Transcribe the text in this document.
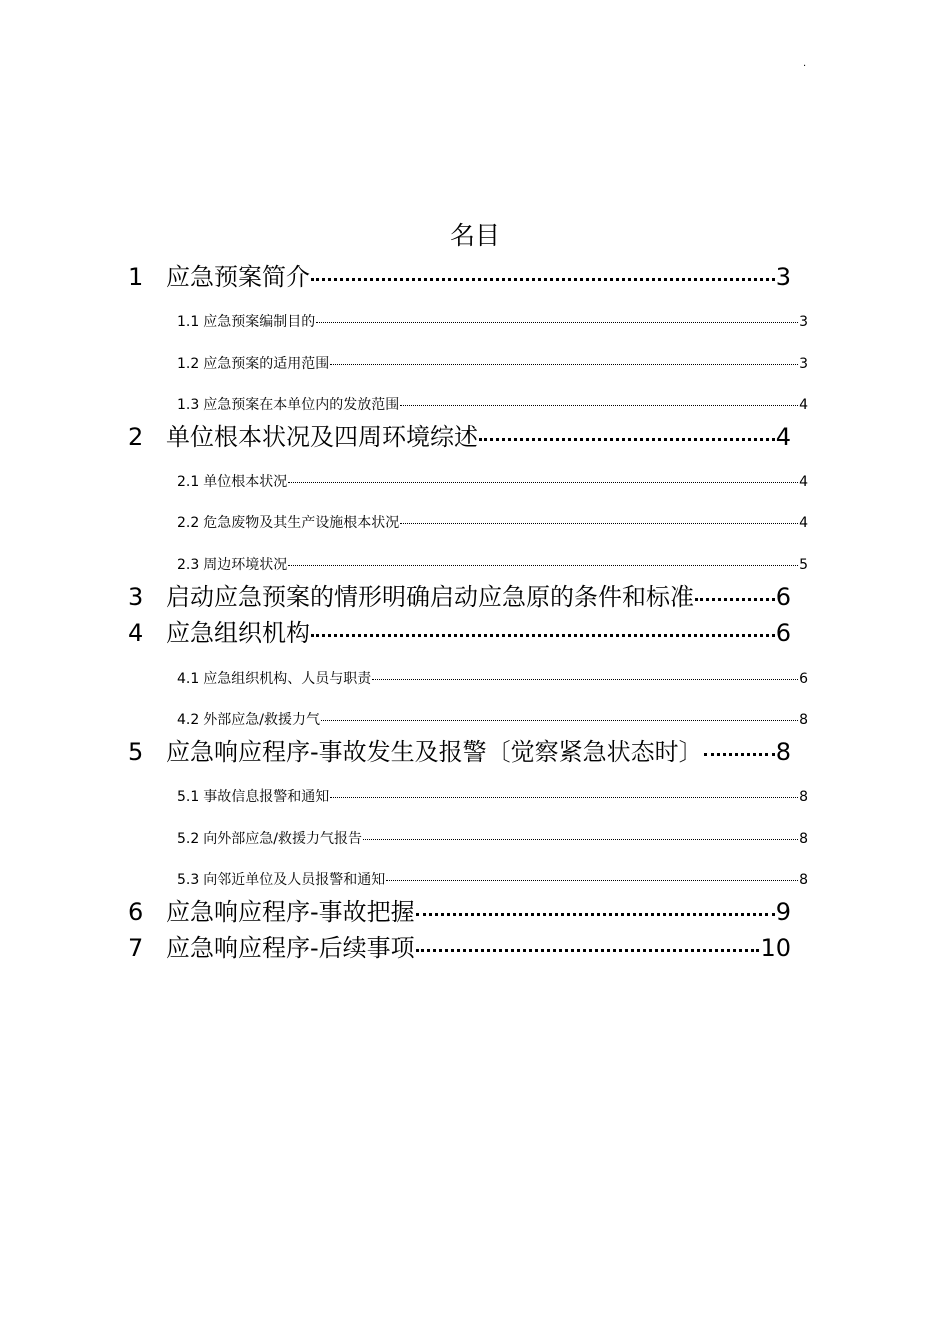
.
名目
1 应急预案简介	3
1.1 应急预案编制目的	3
1.2 应急预案的适用范围	3
1.3 应急预案在本单位内的发放范围	4
2 单位根本状况及四周环境综述	4
2.1 单位根本状况	4
2.2 危急废物及其生产设施根本状况	4
2.3 周边环境状况	5
3 启动应急预案的情形明确启动应急原的条件和标准	6
4 应急组织机构	6
4.1 应急组织机构、人员与职责	6
4.2 外部应急/救援力气	8
5 应急响应程序-事故发生及报警〔觉察紧急状态时〕	8
5.1 事故信息报警和通知	8
5.2 向外部应急/救援力气报告	8
5.3 向邻近单位及人员报警和通知	8
6 应急响应程序-事故把握	9
7 应急响应程序-后续事项	10
